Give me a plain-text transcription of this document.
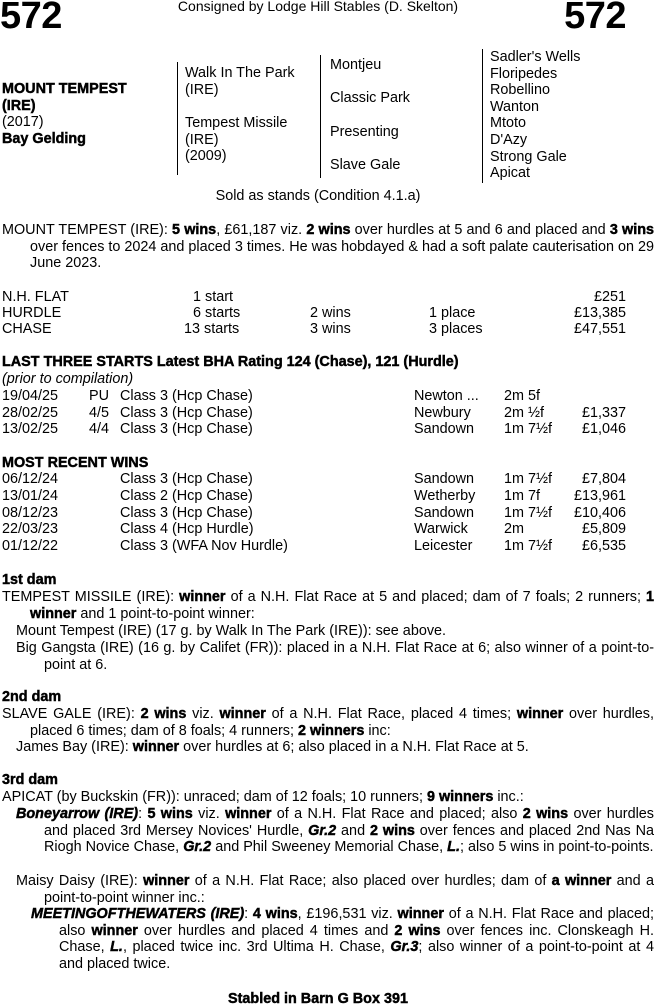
572	572
Consigned by Lodge Hill Stables (D. Skelton)
MOUNT TEMPEST
(IRE)
(2017)
Bay Gelding
Walk In The Park
(IRE)
Tempest Missile
(IRE)
(2009)
Montjeu
Classic Park
Presenting
Slave Gale
Sadler's Wells
Floripedes
Robellino
Wanton
Mtoto
D'Azy
Strong Gale
Apicat
Sold as stands (Condition 4.1.a)
MOUNT TEMPEST (IRE): 5 wins, £61,187 viz. 2 wins over hurdles at 5 and 6 and placed and 3 wins over fences to 2024 and placed 3 times. He was hobdayed & had a soft palate cauterisation on 29 June 2023.
N.H. FLAT	1 start	£251
HURDLE	6 starts	2 wins	1 place	£13,385
CHASE	13 starts	3 wins	3 places	£47,551
LAST THREE STARTS Latest BHA Rating 124 (Chase), 121 (Hurdle)
(prior to compilation)
19/04/25 PU Class 3 (Hcp Chase)	Newton ... 2m 5f
28/02/25 4/5 Class 3 (Hcp Chase)	Newbury 2m ½f	£1,337
13/02/25 4/4 Class 3 (Hcp Chase)	Sandown 1m 7½f £1,046
MOST RECENT WINS
06/12/24	Class 3 (Hcp Chase)	Sandown 1m 7½f £7,804
13/01/24	Class 2 (Hcp Chase)	Wetherby 1m 7f £13,961
08/12/23	Class 3 (Hcp Chase)	Sandown 1m 7½f £10,406
22/03/23	Class 4 (Hcp Hurdle)	Warwick	2m	£5,809
01/12/22	Class 3 (WFA Nov Hurdle)	Leicester 1m 7½f £6,535
1st dam
TEMPEST MISSILE (IRE): winner of a N.H. Flat Race at 5 and placed; dam of 7 foals; 2 runners; 1 winner and 1 point-to-point winner:
Mount Tempest (IRE) (17 g. by Walk In The Park (IRE)): see above.
Big Gangsta (IRE) (16 g. by Califet (FR)): placed in a N.H. Flat Race at 6; also winner of a point-to-point at 6.
2nd dam
SLAVE GALE (IRE): 2 wins viz. winner of a N.H. Flat Race, placed 4 times; winner over hurdles, placed 6 times; dam of 8 foals; 4 runners; 2 winners inc:
James Bay (IRE): winner over hurdles at 6; also placed in a N.H. Flat Race at 5.
3rd dam
APICAT (by Buckskin (FR)): unraced; dam of 12 foals; 10 runners; 9 winners inc.:
Boneyarrow (IRE): 5 wins viz. winner of a N.H. Flat Race and placed; also 2 wins over hurdles and placed 3rd Mersey Novices' Hurdle, Gr.2 and 2 wins over fences and placed 2nd Nas Na Riogh Novice Chase, Gr.2 and Phil Sweeney Memorial Chase, L.; also 5 wins in point-to-points.
Maisy Daisy (IRE): winner of a N.H. Flat Race; also placed over hurdles; dam of a winner and a point-to-point winner inc.:
MEETINGOFTHEWATERS (IRE): 4 wins, £196,531 viz. winner of a N.H. Flat Race and placed; also winner over hurdles and placed 4 times and 2 wins over fences inc. Clonskeagh H. Chase, L., placed twice inc. 3rd Ultima H. Chase, Gr.3; also winner of a point-to-point at 4 and placed twice.
Stabled in Barn G Box 391
